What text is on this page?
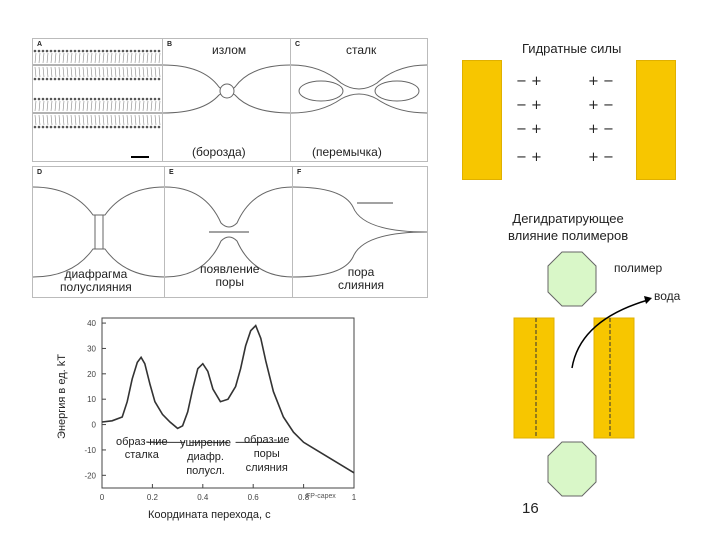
A	B	C
излом	сталк
(борозда)	(перемычка)
D	E	F
диафрагма
полуслияния
появление
поры
пора
слияния
Гидратные силы
− +
− +
− +
− +
+ −
+ −
+ −
+ −
Дегидратирующее
влияние полимеров
полимер
вода
40
30
20
10
0
-10
-20
0	0.2	0.4	0.6	0.8	1
Энергия в ед. kT
Координата перехода, с
образ-ние
сталка
уширение
диафр.
полусл.
образ-ие
поры
слияния
FP-сарех
16
